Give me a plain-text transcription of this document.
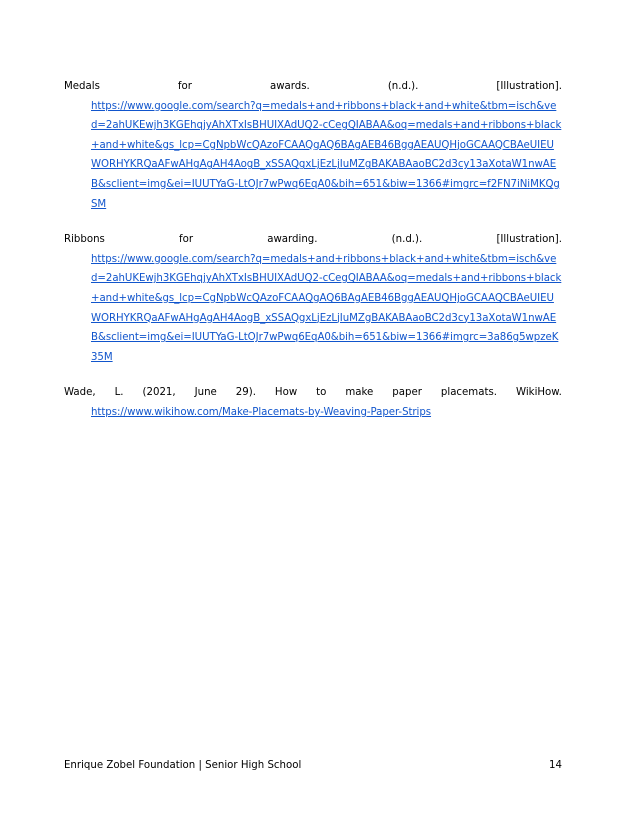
Medals	for	awards.	(n.d.).	[Illustration].
https://www.google.com/search?q=medals+and+ribbons+black+and+white&tbm=isch&ved=2ahUKEwjh3KGEhqjyAhXTxIsBHUIXAdUQ2-cCegQIABAA&oq=medals+and+ribbons+black+and+white&gs_lcp=CgNpbWcQAzoFCAAQgAQ6BAgAEB46BggAEAUQHjoGCAAQCBAeUIEUWORHYKRQaAFwAHgAgAH4AogB_xSSAQgxLjEzLjIuMZgBAKABAaoBC2d3cy13aXotaW1nwAEB&sclient=img&ei=IUUTYaG-LtOJr7wPwq6EqA0&bih=651&biw=1366#imgrc=f2FN7iNiMKQgSM
Ribbons	for	awarding.	(n.d.).	[Illustration].
https://www.google.com/search?q=medals+and+ribbons+black+and+white&tbm=isch&ved=2ahUKEwjh3KGEhqjyAhXTxIsBHUIXAdUQ2-cCegQIABAA&oq=medals+and+ribbons+black+and+white&gs_lcp=CgNpbWcQAzoFCAAQgAQ6BAgAEB46BggAEAUQHjoGCAAQCBAeUIEUWORHYKRQaAFwAHgAgAH4AogB_xSSAQgxLjEzLjIuMZgBAKABAaoBC2d3cy13aXotaW1nwAEB&sclient=img&ei=IUUTYaG-LtOJr7wPwq6EqA0&bih=651&biw=1366#imgrc=3a86g5wpzeK35M
Wade, L. (2021, June 29). How to make paper placemats. WikiHow.
https://www.wikihow.com/Make-Placemats-by-Weaving-Paper-Strips
Enrique Zobel Foundation | Senior High School	14
